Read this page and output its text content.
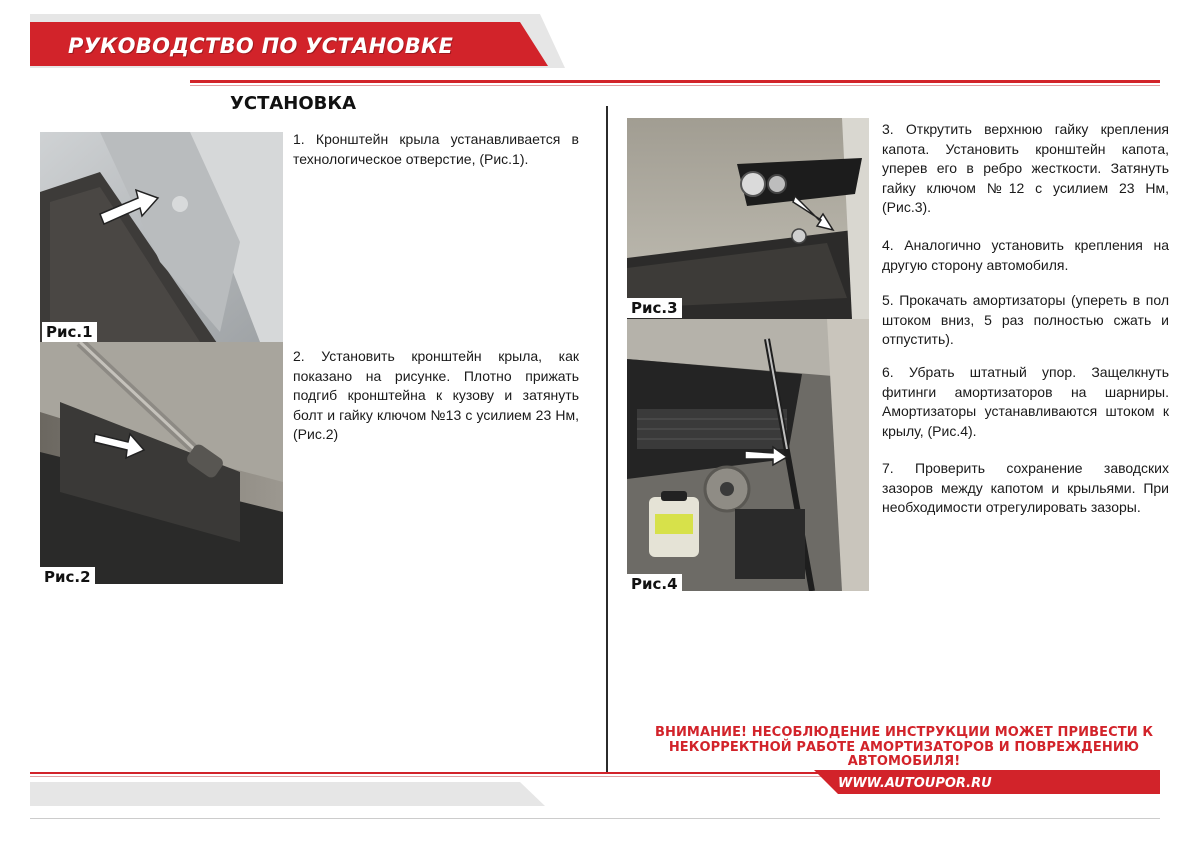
РУКОВОДСТВО ПО УСТАНОВКЕ
УСТАНОВКА
Рис.1
Рис.2
Рис.3
Рис.4
1. Кронштейн крыла устанавливается в технологическое отверстие, (Рис.1).
2. Установить кронштейн крыла, как показано на рисунке. Плотно прижать подгиб кронштейна к кузову и затянуть болт и гайку ключом №13 с усилием 23 Нм, (Рис.2)
3. Открутить верхнюю гайку крепления капота. Установить кронштейн капота, уперев его в ребро жесткости. Затянуть гайку ключом №12 с усилием 23 Нм, (Рис.3).
4. Аналогично установить крепления на другую сторону автомобиля.
5. Прокачать амортизаторы (уперeть в пол штоком вниз, 5 раз полностью сжать и отпустить).
6. Убрать штатный упор. Защелкнуть фитинги амортизаторов на шарниры. Амортизаторы устанавливаются штоком к крылу, (Рис.4).
7. Проверить сохранение заводских зазоров между капотом и крыльями. При необходимости отрегулировать зазоры.
ВНИМАНИЕ! НЕСОБЛЮДЕНИЕ ИНСТРУКЦИИ МОЖЕТ ПРИВЕСТИ К НЕКОРРЕКТНОЙ РАБОТЕ АМОРТИЗАТОРОВ И ПОВРЕЖДЕНИЮ АВТОМОБИЛЯ!
WWW.AUTOUPOR.RU
